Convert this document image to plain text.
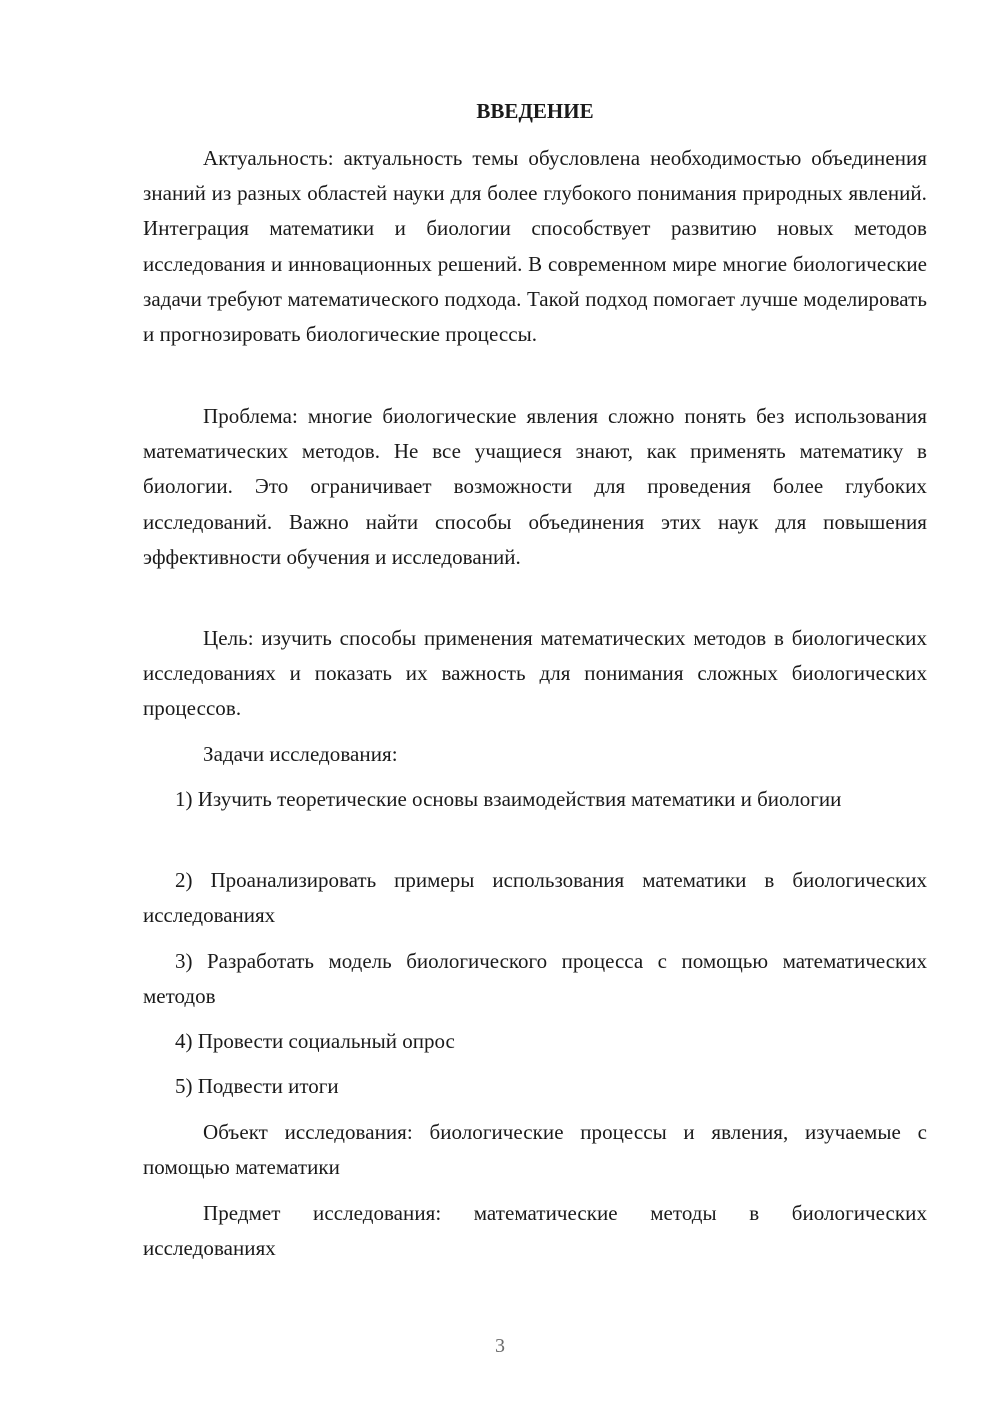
ВВЕДЕНИЕ

Актуальность: актуальность темы обусловлена необходимостью объединения знаний из разных областей науки для более глубокого понимания природных явлений. Интеграция математики и биологии способствует развитию новых методов исследования и инновационных решений. В современном мире многие биологические задачи требуют математического подхода. Такой подход помогает лучше моделировать и прогнозировать биологические процессы.

Проблема: многие биологические явления сложно понять без использования математических методов. Не все учащиеся знают, как применять математику в биологии. Это ограничивает возможности для проведения более глубоких исследований. Важно найти способы объединения этих наук для повышения эффективности обучения и исследований.

Цель: изучить способы применения математических методов в биологических исследованиях и показать их важность для понимания сложных биологических процессов.

Задачи исследования:

1) Изучить теоретические основы взаимодействия математики и биологии

2) Проанализировать примеры использования математики в биологических исследованиях

3) Разработать модель биологического процесса с помощью математических методов

4) Провести социальный опрос

5) Подвести итоги

Объект исследования: биологические процессы и явления, изучаемые с помощью математики

Предмет исследования: математические методы в биологических исследованиях

3
